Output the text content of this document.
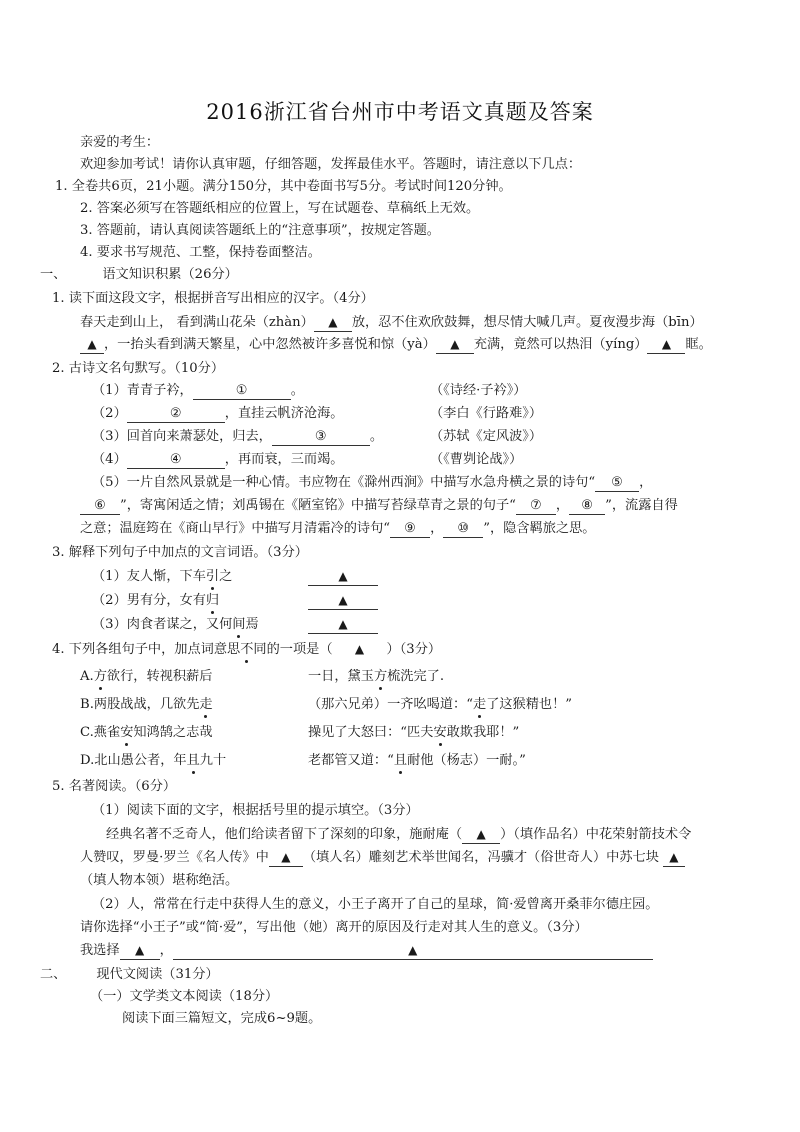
2016浙江省台州市中考语文真题及答案
亲爱的考生：
欢迎参加考试！请你认真审题，仔细答题，发挥最佳水平。答题时，请注意以下几点：
1. 全卷共6页，21小题。满分150分，其中卷面书写5分。考试时间120分钟。
2. 答案必须写在答题纸相应的位置上，写在试题卷、草稿纸上无效。
3. 答题前，请认真阅读答题纸上的“注意事项”，按规定答题。
4. 要求书写规范、工整，保持卷面整洁。
一、	语文知识积累（26分）
1. 读下面这段文字，根据拼音写出相应的汉字。（4分）
春天走到山上， 看到满山花朵（zhàn） ▲ 放，忍不住欢欣鼓舞，想尽情大喊几声。夏夜漫步海（bīn）
▲ ，一抬头看到满天繁星，心中忽然被许多喜悦和惊（yà） ▲ 充满，竟然可以热泪（yíng） ▲ 眶。
2. 古诗文名句默写。（10分）
（1）青青子衿，	①	。	（《诗经·子衿》）
（2）	②	，直挂云帆济沧海。	（李白《行路难》）
（3）回首向来萧瑟处，归去，	③	。	（苏轼《定风波》）
（4）	④	，再而衰，三而竭。	（《曹刿论战》）
（5）一片自然风景就是一种心情。韦应物在《滁州西涧》中描写水急舟横之景的诗句“ ⑤ ，
⑥ ”，寄寓闲适之情；刘禹锡在《陋室铭》中描写苔绿草青之景的句子“ ⑦ ， ⑧ ”，流露自得
之意；温庭筠在《商山早行》中描写月清霜冷的诗句“ ⑨ ， ⑩ ”，隐含羁旅之思。
3. 解释下列句子中加点的文言词语。（3分）
（1）友人惭，下车引之	▲
（2）男有分，女有归	▲
（3）肉食者谋之，又何间焉	▲
4. 下列各组句子中，加点词意思不同的一项是（ ▲ ）（3分）
A.方欲行，转视积薪后	一日，黛玉方梳洗完了.
B.两股战战，几欲先走	（那六兄弟）一齐吆喝道：“走了这猴精也！”
C.燕雀安知鸿鹄之志哉	操见了大怒曰：“匹夫安敢欺我耶！”
D.北山愚公者，年且九十	老都管又道：“且耐他（杨志）一耐。”
5. 名著阅读。（6分）
（1）阅读下面的文字，根据括号里的提示填空。（3分）
经典名著不乏奇人，他们给读者留下了深刻的印象，施耐庵（ ▲ ）（填作品名）中花荣射箭技术令
人赞叹，罗曼·罗兰《名人传》中 ▲ （填人名）雕刻艺术举世闻名，冯骥才（俗世奇人）中苏七块 ▲
（填人物本领）堪称绝活。
（2）人，常常在行走中获得人生的意义，小王子离开了自己的星球，简·爱曾离开桑菲尔德庄园。
请你选择“小王子”或“简·爱”，写出他（她）离开的原因及行走对其人生的意义。（3分）
我选择 ▲ ，	▲
二、 现代文阅读（31分）
（一）文学类文本阅读（18分）
阅读下面三篇短文，完成6~9题。
